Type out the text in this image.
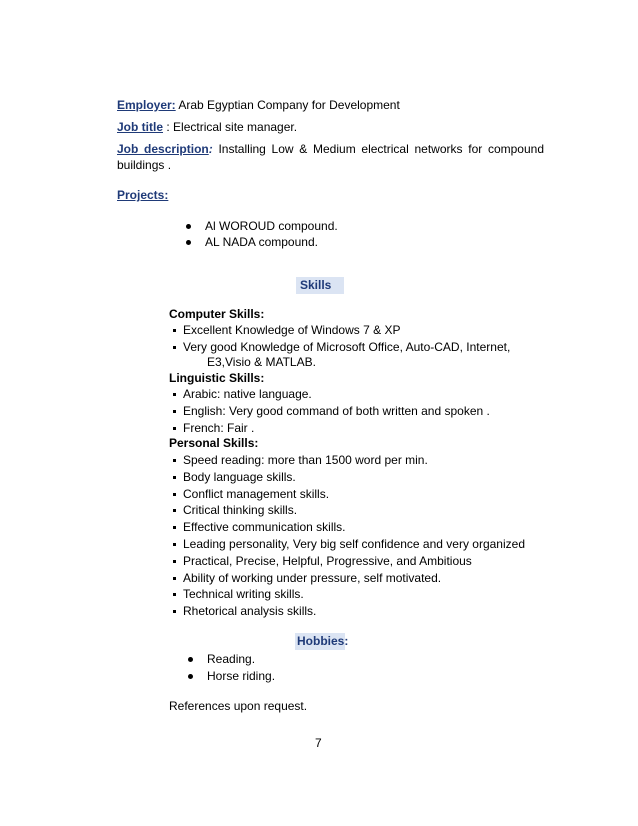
Employer: Arab Egyptian Company for Development
Job title : Electrical site manager.
Job description: Installing Low & Medium electrical networks for compound
buildings .
Projects:
Al WOROUD compound.
AL NADA compound.
Skills
Computer Skills:
Excellent Knowledge of Windows 7 & XP
Very good Knowledge of Microsoft Office, Auto-CAD, Internet,
E3,Visio & MATLAB.
Linguistic Skills:
Arabic: native language.
English: Very good command of both written and spoken .
French: Fair .
Personal Skills:
Speed reading: more than 1500 word per min.
Body language skills.
Conflict management skills.
Critical thinking skills.
Effective communication skills.
Leading personality, Very big self confidence and very organized
Practical, Precise, Helpful, Progressive, and Ambitious
Ability of working under pressure, self motivated.
Technical writing skills.
Rhetorical analysis skills.
Hobbies:
Reading.
Horse riding.
References upon request.
7
